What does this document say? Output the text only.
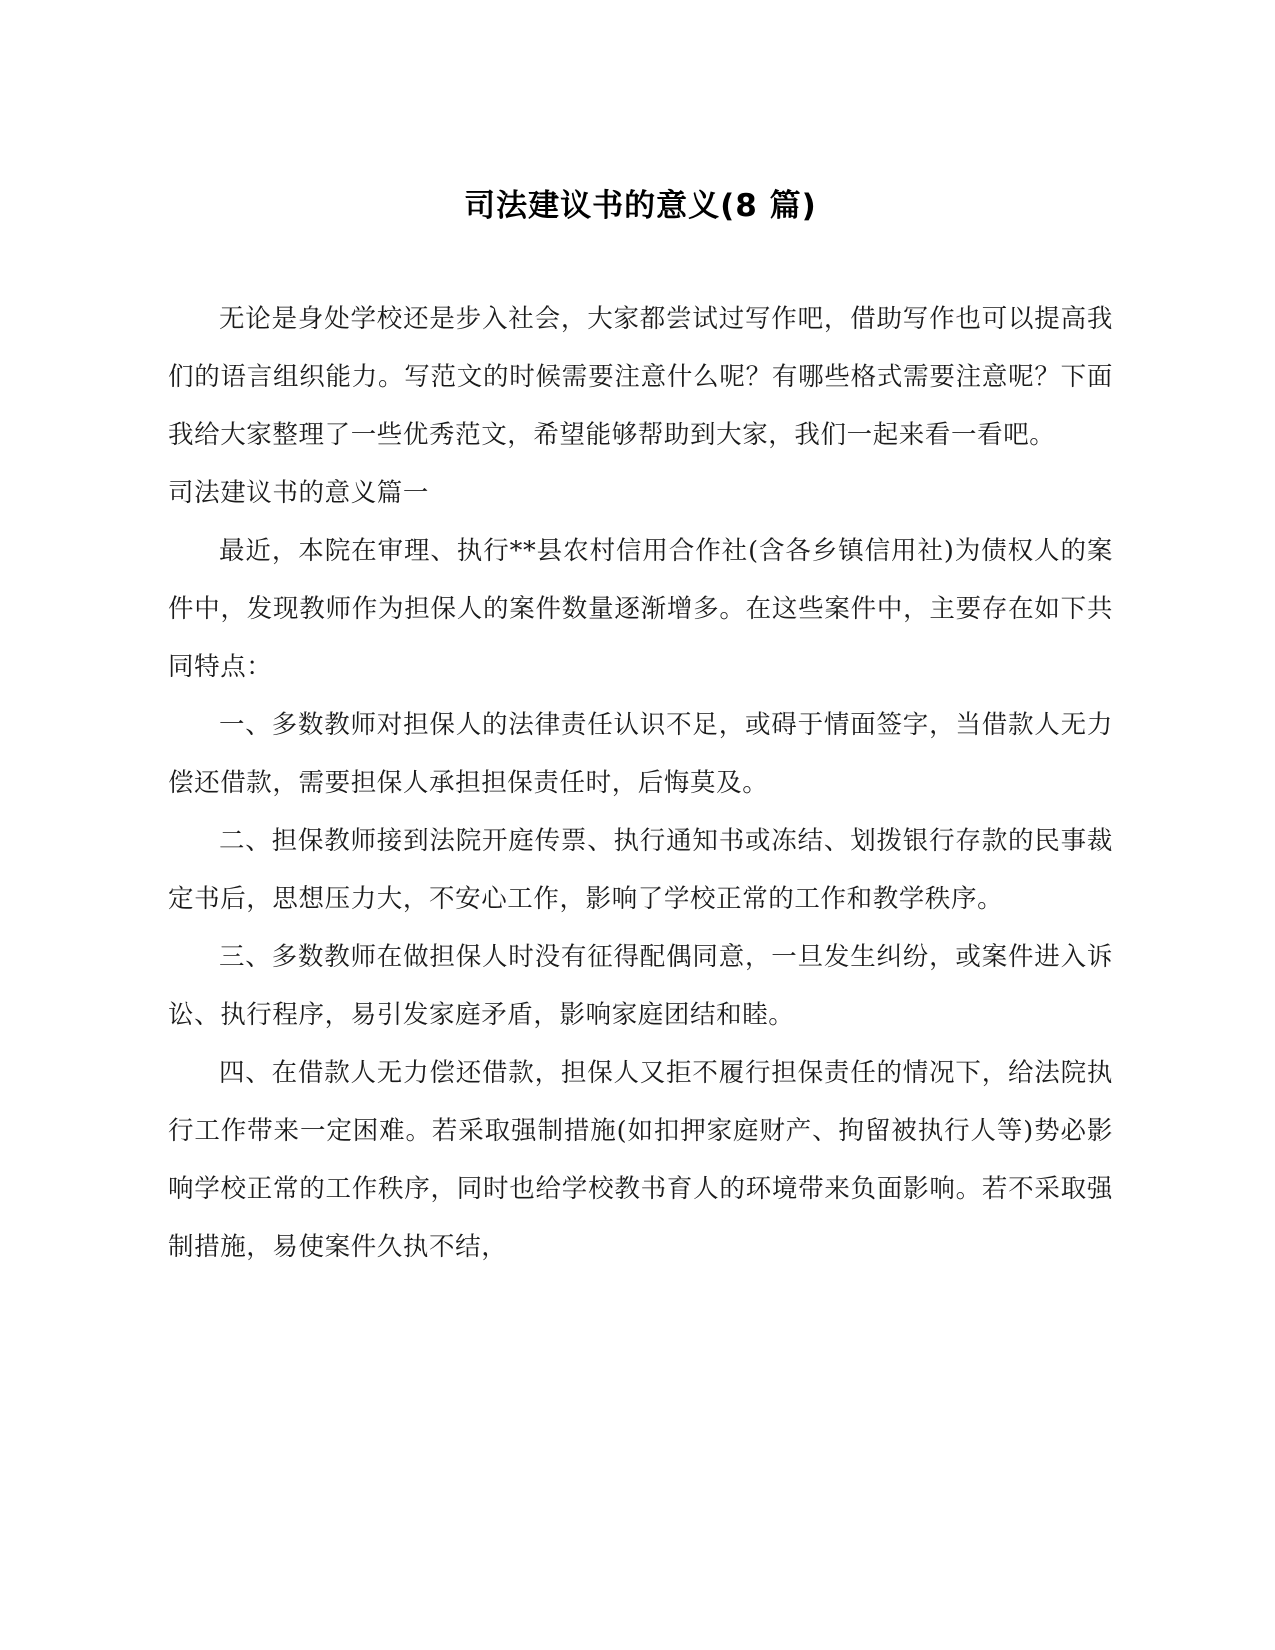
司法建议书的意义(8 篇)

无论是身处学校还是步入社会，大家都尝试过写作吧，借助写作也可以提高我们的语言组织能力。写范文的时候需要注意什么呢？有哪些格式需要注意呢？下面我给大家整理了一些优秀范文，希望能够帮助到大家，我们一起来看一看吧。

司法建议书的意义篇一

最近，本院在审理、执行**县农村信用合作社(含各乡镇信用社)为债权人的案件中，发现教师作为担保人的案件数量逐渐增多。在这些案件中，主要存在如下共同特点：

一、多数教师对担保人的法律责任认识不足，或碍于情面签字，当借款人无力偿还借款，需要担保人承担担保责任时，后悔莫及。

二、担保教师接到法院开庭传票、执行通知书或冻结、划拨银行存款的民事裁定书后，思想压力大，不安心工作，影响了学校正常的工作和教学秩序。

三、多数教师在做担保人时没有征得配偶同意，一旦发生纠纷，或案件进入诉讼、执行程序，易引发家庭矛盾，影响家庭团结和睦。

四、在借款人无力偿还借款，担保人又拒不履行担保责任的情况下，给法院执行工作带来一定困难。若采取强制措施(如扣押家庭财产、拘留被执行人等)势必影响学校正常的工作秩序，同时也给学校教书育人的环境带来负面影响。若不采取强制措施，易使案件久执不结，
